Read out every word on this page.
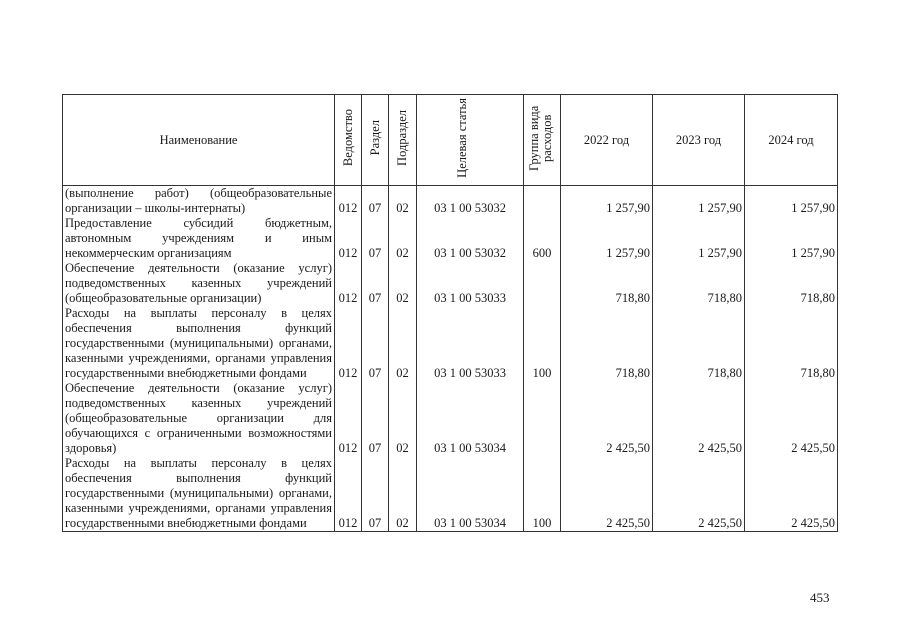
Наименование	Ведомство	Раздел	Подраздел	Целевая статья	Группа вида расходов	2022 год	2023 год	2024 год
(выполнение работ) (общеобразовательные организации – школы-интернаты)	012	07	02	03 1 00 53032		1 257,90	1 257,90	1 257,90
Предоставление субсидий бюджетным, автономным учреждениям и иным некоммерческим организациям	012	07	02	03 1 00 53032	600	1 257,90	1 257,90	1 257,90
Обеспечение деятельности (оказание услуг) подведомственных казенных учреждений (общеобразовательные организации)	012	07	02	03 1 00 53033		718,80	718,80	718,80
Расходы на выплаты персоналу в целях обеспечения выполнения функций государственными (муниципальными) органами, казенными учреждениями, органами управления государственными внебюджетными фондами	012	07	02	03 1 00 53033	100	718,80	718,80	718,80
Обеспечение деятельности (оказание услуг) подведомственных казенных учреждений (общеобразовательные организации для обучающихся с ограниченными возможностями здоровья)	012	07	02	03 1 00 53034		2 425,50	2 425,50	2 425,50
Расходы на выплаты персоналу в целях обеспечения выполнения функций государственными (муниципальными) органами, казенными учреждениями, органами управления государственными внебюджетными фондами	012	07	02	03 1 00 53034	100	2 425,50	2 425,50	2 425,50
453
